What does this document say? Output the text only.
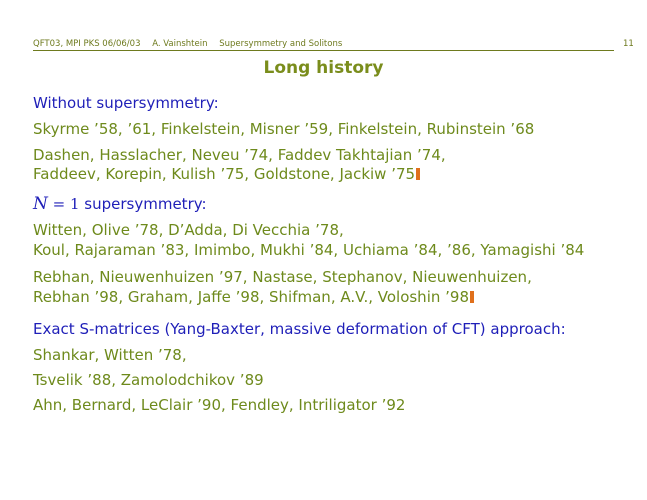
QFT03, MPI PKS 06/06/03 A. Vainshtein Supersymmetry and Solitons	11
Long history
Without supersymmetry:
Skyrme ’58, ’61, Finkelstein, Misner ’59, Finkelstein, Rubinstein ’68
Dashen, Hasslacher, Neveu ’74, Faddev Takhtajian ’74,
Faddeev, Korepin, Kulish ’75, Goldstone, Jackiw ’75
N = 1 supersymmetry:
Witten, Olive ’78, D’Adda, Di Vecchia ’78,
Koul, Rajaraman ’83, Imimbo, Mukhi ’84, Uchiama ’84, ’86, Yamagishi ’84
Rebhan, Nieuwenhuizen ’97, Nastase, Stephanov, Nieuwenhuizen,
Rebhan ’98, Graham, Jaffe ’98, Shifman, A.V., Voloshin ’98
Exact S-matrices (Yang-Baxter, massive deformation of CFT) approach:
Shankar, Witten ’78,
Tsvelik ’88, Zamolodchikov ’89
Ahn, Bernard, LeClair ’90, Fendley, Intriligator ’92
